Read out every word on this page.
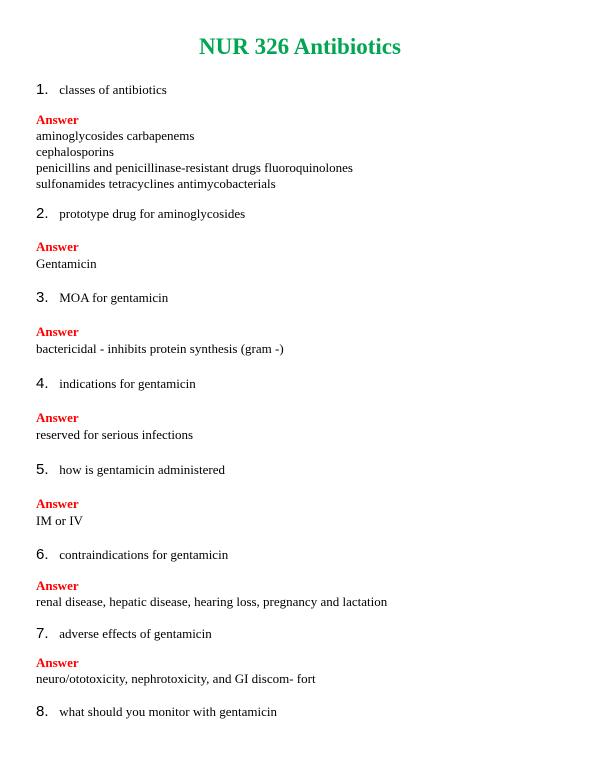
NUR 326 Antibiotics
1. classes of antibiotics
Answer
aminoglycosides carbapenems
cephalosporins
penicillins and penicillinase-resistant drugs fluoroquinolones
sulfonamides tetracyclines antimycobacterials
2. prototype drug for aminoglycosides
Answer
Gentamicin
3. MOA for gentamicin
Answer
bactericidal - inhibits protein synthesis (gram -)
4. indications for gentamicin
Answer
reserved for serious infections
5. how is gentamicin administered
Answer
IM or IV
6. contraindications for gentamicin
Answer
renal disease, hepatic disease, hearing loss, pregnancy and lactation
7. adverse effects of gentamicin
Answer
neuro/ototoxicity, nephrotoxicity, and GI discom- fort
8. what should you monitor with gentamicin
